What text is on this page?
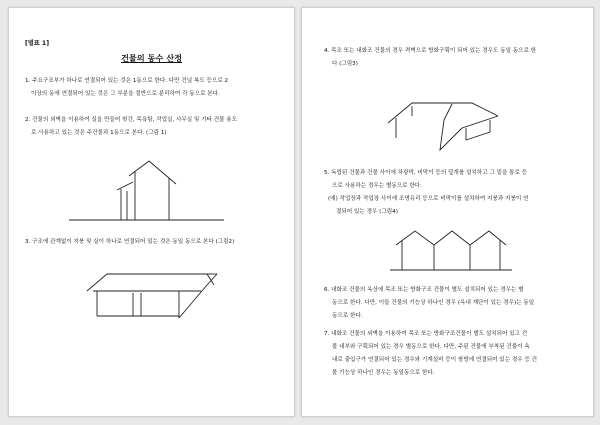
[별표 1]
건물의 동수 산정
1. 주요구조부가 하나로 연결되어 있는 것은 1동으로 한다. 다만 건널 복도 등으로 2
이상의 동에 연결되어 있는 것은 그 부분을 절반으로 분리하여 각 동으로 본다.
2. 건물의 외벽을 이용하여 실을 만들어 헛간, 목욕탕, 작업실, 사무실 및 기타 건물 용도
로 사용하고 있는 것은 주건물과 1동으로 본다. (그림 1)
3. 구조에 관계없이 지붕 및 실이 하나로 연결되어 있는 것은 동일 동으로 본다 (그림2)
4. 목조 또는 내화조 건물의 경우 격벽으로 방화구획이 되어 있는 경우도 동일 동으로 한
다 (그림3)
5. 독립된 건물과 건물 사이에 차광막, 비막이 등의 덮개를 설치하고 그 밑을 통로 등
으로 사용하는 경우는 별동으로 한다.
(예) 작업장과 작업장 사이에 조명유리 등으로 비막이를 설치하여 지붕과 지붕이 연
결되어 있는 경우 (그림4)
6. 내화조 건물의 옥상에 목조 또는 방화구조 건물이 별도 설치되어 있는 경우는 별
동으로 한다. 다만, 이들 건물의 기능상 하나인 경우 (옥내 계단이 있는 경우)는 동일
동으로 한다.
7. 내화조 건물의 외벽을 이용하여 목조 또는 방화구조건물이 별도 설치되어 있고 건
물 내부와 구획되어 있는 경우 별동으로 한다. 다만, 주된 건물에 부착된 건물이 옥
내로 출입구가 연결되어 있는 경우와 기계설비 등이 쌍방에 연결되어 있는 경우 등 건
물 기능상 하나인 경우는 동일동으로 한다.
